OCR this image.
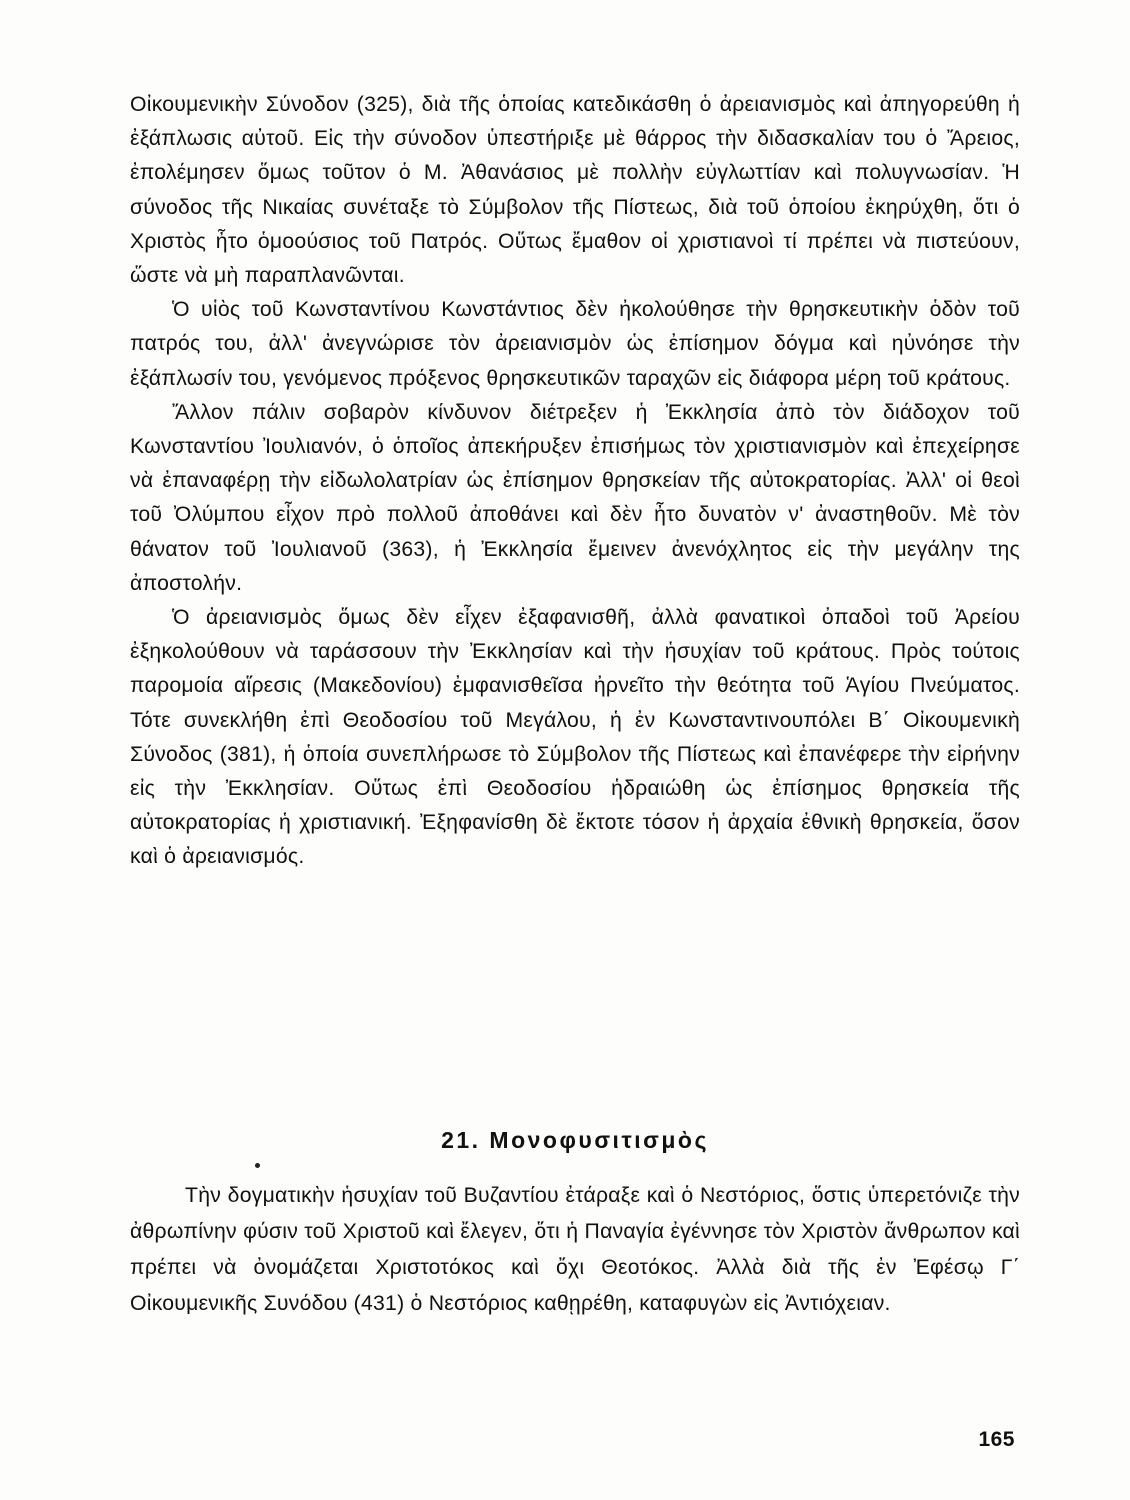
Οἰκουμενικὴν Σύνοδον (325), διὰ τῆς ὁποίας κατεδικάσθη ὁ ἀρειανισμὸς καὶ ἀπηγορεύθη ἡ ἐξάπλωσις αὐτοῦ. Εἰς τὴν σύνοδον ὑπεστήριξε μὲ θάρρος τὴν διδασκαλίαν του ὁ Ἄρειος, ἐπολέμησεν ὅμως τοῦτον ὁ Μ. Ἀθανάσιος μὲ πολλὴν εὐγλωττίαν καὶ πολυγνωσίαν. Ἡ σύνοδος τῆς Νικαίας συνέταξε τὸ Σύμβολον τῆς Πίστεως, διὰ τοῦ ὁποίου ἐκηρύχθη, ὅτι ὁ Χριστὸς ἦτο ὁμοούσιος τοῦ Πατρός. Οὕτως ἔμαθον οἱ χριστιανοὶ τί πρέπει νὰ πιστεύουν, ὥστε νὰ μὴ παραπλανῶνται.

Ὁ υἱὸς τοῦ Κωνσταντίνου Κωνστάντιος δὲν ἠκολούθησε τὴν θρησκευτικὴν ὁδὸν τοῦ πατρός του, ἀλλ' ἀνεγνώρισε τὸν ἀρειανισμὸν ὡς ἐπίσημον δόγμα καὶ ηὐνόησε τὴν ἐξάπλωσίν του, γενόμενος πρόξενος θρησκευτικῶν ταραχῶν εἰς διάφορα μέρη τοῦ κράτους.

Ἄλλον πάλιν σοβαρὸν κίνδυνον διέτρεξεν ἡ Ἐκκλησία ἀπὸ τὸν διάδοχον τοῦ Κωνσταντίου Ἰουλιανόν, ὁ ὁποῖος ἀπεκήρυξεν ἐπισήμως τὸν χριστιανισμὸν καὶ ἐπεχείρησε νὰ ἐπαναφέρῃ τὴν εἰδωλολατρίαν ὡς ἐπίσημον θρησκείαν τῆς αὐτοκρατορίας. Ἀλλ' οἱ θεοὶ τοῦ Ὀλύμπου εἶχον πρὸ πολλοῦ ἀποθάνει καὶ δὲν ἦτο δυνατὸν ν' ἀναστηθοῦν. Μὲ τὸν θάνατον τοῦ Ἰουλιανοῦ (363), ἡ Ἐκκλησία ἔμεινεν ἀνενόχλητος εἰς τὴν μεγάλην της ἀποστολήν.

Ὁ ἀρειανισμὸς ὅμως δὲν εἶχεν ἐξαφανισθῆ, ἀλλὰ φανατικοὶ ὀπαδοὶ τοῦ Ἀρείου ἐξηκολούθουν νὰ ταράσσουν τὴν Ἐκκλησίαν καὶ τὴν ἡσυχίαν τοῦ κράτους. Πρὸς τούτοις παρομοία αἵρεσις (Μακεδονίου) ἐμφανισθεῖσα ἠρνεῖτο τὴν θεότητα τοῦ Ἁγίου Πνεύματος. Τότε συνεκλήθη ἐπὶ Θεοδοσίου τοῦ Μεγάλου, ἡ ἐν Κωνσταντινουπόλει Β΄ Οἰκουμενικὴ Σύνοδος (381), ἡ ὁποία συνεπλήρωσε τὸ Σύμβολον τῆς Πίστεως καὶ ἐπανέφερε τὴν εἰρήνην εἰς τὴν Ἐκκλησίαν. Οὕτως ἐπὶ Θεοδοσίου ἡδραιώθη ὡς ἐπίσημος θρησκεία τῆς αὐτοκρατορίας ἡ χριστιανική. Ἐξηφανίσθη δὲ ἔκτοτε τόσον ἡ ἀρχαία ἐθνικὴ θρησκεία, ὅσον καὶ ὁ ἀρειανισμός.

21. Μονοφυσιτισμὸς

Τὴν δογματικὴν ἡσυχίαν τοῦ Βυζαντίου ἐτάραξε καὶ ὁ Νεστόριος, ὅστις ὑπερετόνιζε τὴν ἀθρωπίνην φύσιν τοῦ Χριστοῦ καὶ ἔλεγεν, ὅτι ἡ Παναγία ἐγέννησε τὸν Χριστὸν ἄνθρωπον καὶ πρέπει νὰ ὀνομάζεται Χριστοτόκος καὶ ὄχι Θεοτόκος. Ἀλλὰ διὰ τῆς ἐν Ἐφέσῳ Γ΄ Οἰκουμενικῆς Συνόδου (431) ὁ Νεστόριος καθῃρέθη, καταφυγὼν εἰς Ἀντιόχειαν.

165
